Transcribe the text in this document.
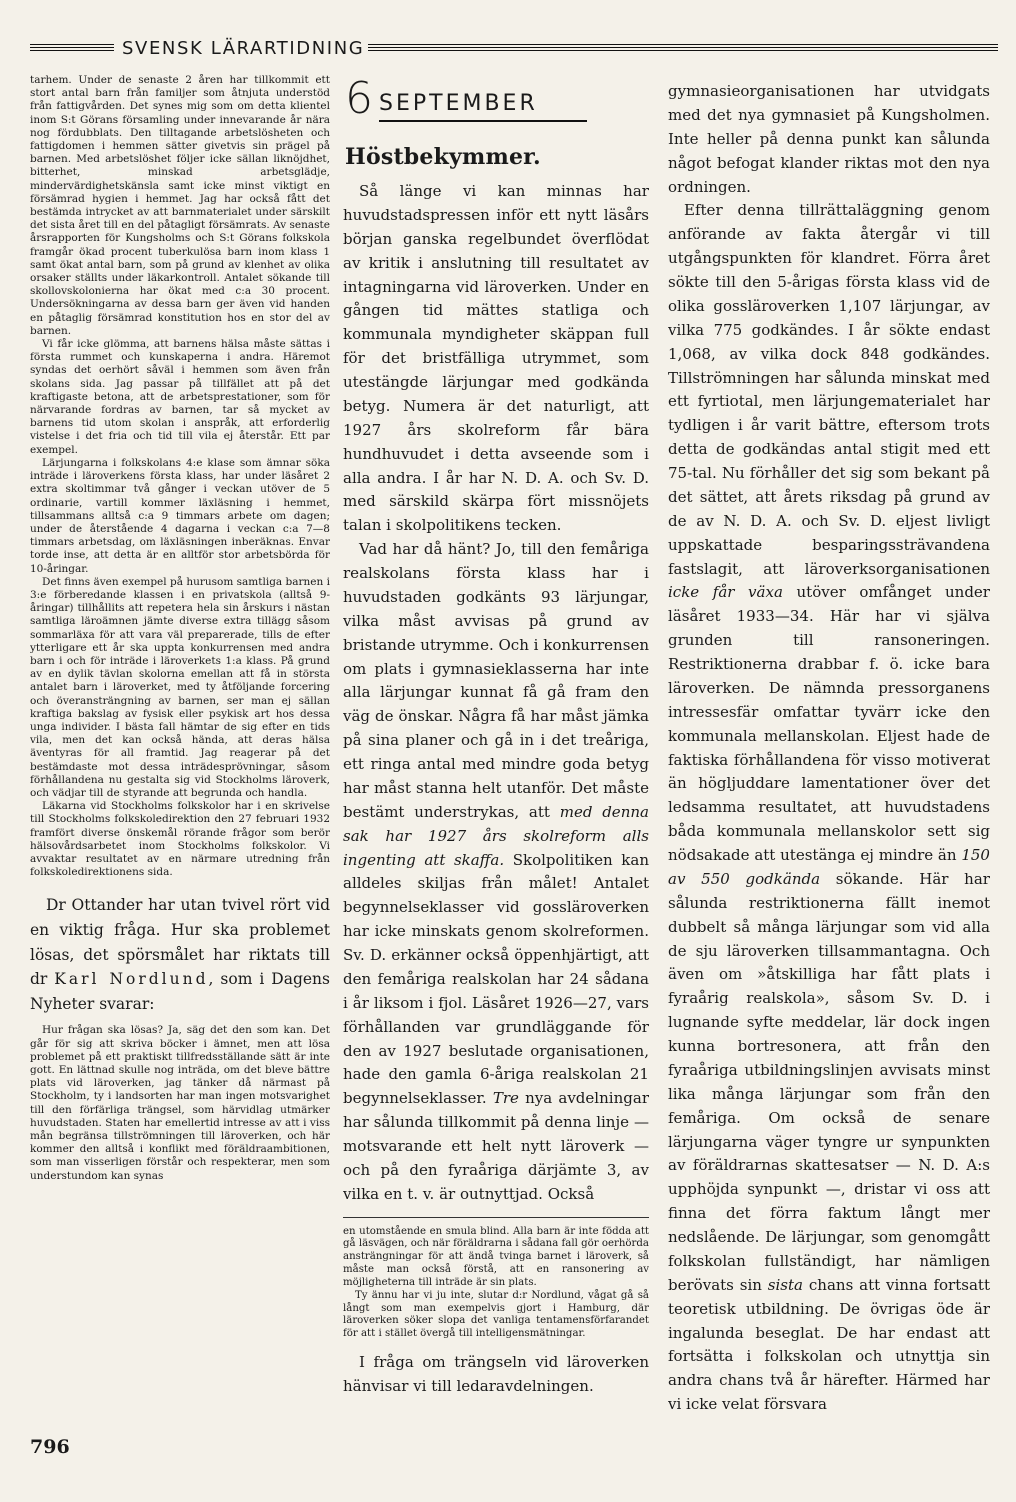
SVENSK LÄRARTIDNING

tarhem. Under de senaste 2 åren har tillkommit ett stort antal barn från familjer som åtnjuta understöd från fattigvården. Det synes mig som om detta klientel inom S:t Görans församling under innevarande år nära nog fördubblats. Den tilltagande arbetslösheten och fattigdomen i hemmen sätter givetvis sin prägel på barnen. Med arbetslöshet följer icke sällan liknöjdhet, bitterhet, minskad arbetsglädje, mindervärdighetskänsla samt icke minst viktigt en försämrad hygien i hemmet. Jag har också fått det bestämda intrycket av att barnmaterialet under särskilt det sista året till en del påtagligt försämrats. Av senaste årsrapporten för Kungsholms och S:t Görans folkskola framgår ökad procent tuberkulösa barn inom klass 1 samt ökat antal barn, som på grund av klenhet av olika orsaker ställts under läkarkontroll. Antalet sökande till skollovskolonierna har ökat med c:a 30 procent. Undersökningarna av dessa barn ger även vid handen en påtaglig försämrad konstitution hos en stor del av barnen.

Vi får icke glömma, att barnens hälsa måste sättas i första rummet och kunskaperna i andra. Häremot syndas det oerhört såväl i hemmen som även från skolans sida. Jag passar på tillfället att på det kraftigaste betona, att de arbetsprestationer, som för närvarande fordras av barnen, tar så mycket av barnens tid utom skolan i anspråk, att erforderlig vistelse i det fria och tid till vila ej återstår. Ett par exempel.

Lärjungarna i folkskolans 4:e klase som ämnar söka inträde i läroverkens första klass, har under läsåret 2 extra skoltimmar två gånger i veckan utöver de 5 ordinarie, vartill kommer läxläsning i hemmet, tillsammans alltså c:a 9 timmars arbete om dagen; under de återstående 4 dagarna i veckan c:a 7—8 timmars arbetsdag, om läxläsningen inberäknas. Envar torde inse, att detta är en alltför stor arbetsbörda för 10-åringar.

Det finns även exempel på hurusom samtliga barnen i 3:e förberedande klassen i en privatskola (alltså 9-åringar) tillhållits att repetera hela sin årskurs i nästan samtliga läroämnen jämte diverse extra tillägg såsom sommarläxa för att vara väl preparerade, tills de efter ytterligare ett år ska uppta konkurrensen med andra barn i och för inträde i läroverkets 1:a klass. På grund av en dylik tävlan skolorna emellan att få in största antalet barn i läroverket, med ty åtföljande forcering och överansträngning av barnen, ser man ej sällan kraftiga bakslag av fysisk eller psykisk art hos dessa unga individer. I bästa fall hämtar de sig efter en tids vila, men det kan också hända, att deras hälsa äventyras för all framtid. Jag reagerar på det bestämdaste mot dessa inträdesprövningar, såsom förhållandena nu gestalta sig vid Stockholms läroverk, och vädjar till de styrande att begrunda och handla.

Läkarna vid Stockholms folkskolor har i en skrivelse till Stockholms folkskoledirektion den 27 februari 1932 framfört diverse önskemål rörande frågor som berör hälsovårdsarbetet inom Stockholms folkskolor. Vi avvaktar resultatet av en närmare utredning från folkskoledirektionens sida.

Dr Ottander har utan tvivel rört vid en viktig fråga. Hur ska problemet lösas, det spörsmålet har riktats till dr Karl Nordlund, som i Dagens Nyheter svarar:

Hur frågan ska lösas? Ja, säg det den som kan. Det går för sig att skriva böcker i ämnet, men att lösa problemet på ett praktiskt tillfredsställande sätt är inte gott. En lättnad skulle nog inträda, om det bleve bättre plats vid läroverken, jag tänker då närmast på Stockholm, ty i landsorten har man ingen motsvarighet till den förfärliga trängsel, som härvidlag utmärker huvudstaden. Staten har emellertid intresse av att i viss mån begränsa tillströmningen till läroverken, och här kommer den alltså i konflikt med föräldraambitionen, som man visserligen förstår och respekterar, men som understundom kan synas

6 SEPTEMBER
Höstbekymmer.

Så länge vi kan minnas har huvudstadspressen inför ett nytt läsårs början ganska regelbundet överflödat av kritik i anslutning till resultatet av intagningarna vid läroverken. Under en gången tid mättes statliga och kommunala myndigheter skäppan full för det bristfälliga utrymmet, som utestängde lärjungar med godkända betyg. Numera är det naturligt, att 1927 års skolreform får bära hundhuvudet i detta avseende som i alla andra. I år har N. D. A. och Sv. D. med särskild skärpa fört missnöjets talan i skolpolitikens tecken.

Vad har då hänt? Jo, till den femåriga realskolans första klass har i huvudstaden godkänts 93 lärjungar, vilka måst avvisas på grund av bristande utrymme. Och i konkurrensen om plats i gymnasieklasserna har inte alla lärjungar kunnat få gå fram den väg de önskar. Några få har måst jämka på sina planer och gå in i det treåriga, ett ringa antal med mindre goda betyg har måst stanna helt utanför. Det måste bestämt understrykas, att med denna sak har 1927 års skolreform alls ingenting att skaffa. Skolpolitiken kan alldeles skiljas från målet! Antalet begynnelseklasser vid gossläroverken har icke minskats genom skolreformen. Sv. D. erkänner också öppenhjärtigt, att den femåriga realskolan har 24 sådana i år liksom i fjol. Läsåret 1926—27, vars förhållanden var grundläggande för den av 1927 beslutade organisationen, hade den gamla 6-åriga realskolan 21 begynnelseklasser. Tre nya avdelningar har sålunda tillkommit på denna linje — motsvarande ett helt nytt läroverk — och på den fyraåriga därjämte 3, av vilka en t. v. är outnyttjad. Också

en utomstående en smula blind. Alla barn är inte födda att gå läsvägen, och när föräldrarna i sådana fall gör oerhörda ansträngningar för att ändå tvinga barnet i läroverk, så måste man också förstå, att en ransonering av möjligheterna till inträde är sin plats.

Ty ännu har vi ju inte, slutar d:r Nordlund, vågat gå så långt som man exempelvis gjort i Hamburg, där läroverken söker slopa det vanliga tentamensförfarandet för att i stället övergå till intelligensmätningar.

I fråga om trängseln vid läroverken hänvisar vi till ledaravdelningen.

gymnasieorganisationen har utvidgats med det nya gymnasiet på Kungsholmen. Inte heller på denna punkt kan sålunda något befogat klander riktas mot den nya ordningen.

Efter denna tillrättaläggning genom anförande av fakta återgår vi till utgångspunkten för klandret. Förra året sökte till den 5-årigas första klass vid de olika gossläroverken 1,107 lärjungar, av vilka 775 godkändes. I år sökte endast 1,068, av vilka dock 848 godkändes. Tillströmningen har sålunda minskat med ett fyrtiotal, men lärjungematerialet har tydligen i år varit bättre, eftersom trots detta de godkändas antal stigit med ett 75-tal. Nu förhåller det sig som bekant på det sättet, att årets riksdag på grund av de av N. D. A. och Sv. D. eljest livligt uppskattade besparingssträvandena fastslagit, att läroverksorganisationen icke får växa utöver omfånget under läsåret 1933—34. Här har vi själva grunden till ransoneringen. Restriktionerna drabbar f. ö. icke bara läroverken. De nämnda pressorganens intressesfär omfattar tyvärr icke den kommunala mellanskolan. Eljest hade de faktiska förhållandena för visso motiverat än högljuddare lamentationer över det ledsamma resultatet, att huvudstadens båda kommunala mellanskolor sett sig nödsakade att utestänga ej mindre än 150 av 550 godkända sökande. Här har sålunda restriktionerna fällt inemot dubbelt så många lärjungar som vid alla de sju läroverken tillsammantagna. Och även om »åtskilliga har fått plats i fyraårig realskola», såsom Sv. D. i lugnande syfte meddelar, lär dock ingen kunna bortresonera, att från den fyraåriga utbildningslinjen avvisats minst lika många lärjungar som från den femåriga. Om också de senare lärjungarna väger tyngre ur synpunkten av föräldrarnas skattesatser — N. D. A:s upphöjda synpunkt —, dristar vi oss att finna det förra faktum långt mer nedslående. De lärjungar, som genomgått folkskolan fullständigt, har nämligen berövats sin sista chans att vinna fortsatt teoretisk utbildning. De övrigas öde är ingalunda beseglat. De har endast att fortsätta i folkskolan och utnyttja sin andra chans två år härefter. Härmed har vi icke velat försvara

796
